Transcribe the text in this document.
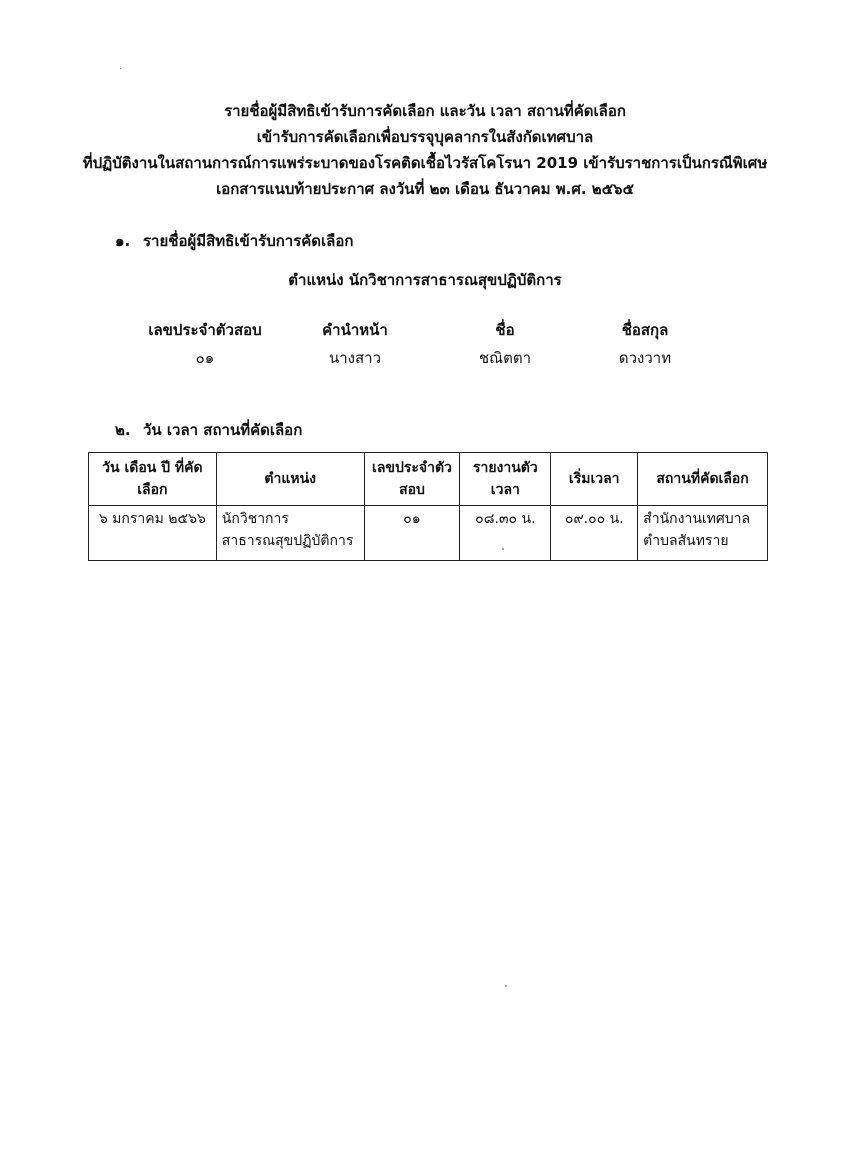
รายชื่อผู้มีสิทธิเข้ารับการคัดเลือก และวัน เวลา สถานที่คัดเลือก
เข้ารับการคัดเลือกเพื่อบรรจุบุคลากรในสังกัดเทศบาล
ที่ปฏิบัติงานในสถานการณ์การแพร่ระบาดของโรคติดเชื้อไวรัสโคโรนา 2019 เข้ารับราชการเป็นกรณีพิเศษ
เอกสารแนบท้ายประกาศ ลงวันที่ ๒๓ เดือน ธันวาคม พ.ศ. ๒๕๖๕
๑. รายชื่อผู้มีสิทธิเข้ารับการคัดเลือก
ตำแหน่ง นักวิชาการสาธารณสุขปฏิบัติการ
เลขประจำตัวสอบ	คำนำหน้า	ชื่อ	ชื่อสกุล
๐๑	นางสาว	ชณิตตา	ดวงวาท
๒. วัน เวลา สถานที่คัดเลือก
วัน เดือน ปี ที่คัดเลือก	ตำแหน่ง	เลขประจำตัว สอบ	รายงานตัว เวลา	เริ่มเวลา	สถานที่คัดเลือก
๖ มกราคม ๒๕๖๖	นักวิชาการสาธารณสุขปฏิบัติการ	๐๑	๐๘.๓๐ น.	๐๙.๐๐ น.	สำนักงานเทศบาลตำบลสันทราย
